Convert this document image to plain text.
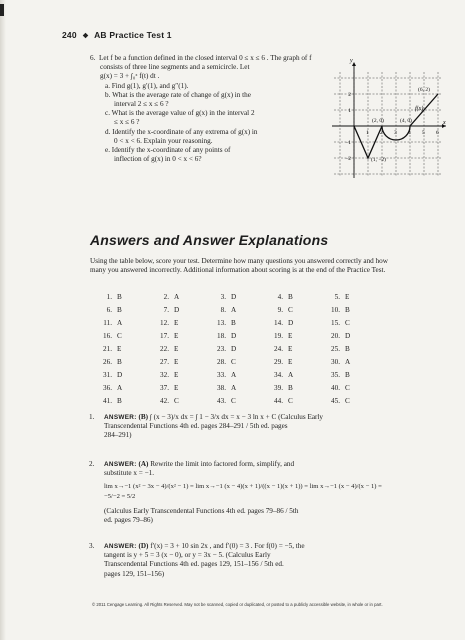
240 ❖ AB Practice Test 1
6. Let f be a function defined in the closed interval 0 ≤ x ≤ 6 . The graph of f consists of three line segments and a semicircle. Let
g(x) = 3 + ∫₀ˣ f(t) dt .
a. Find g(1), g′(1), and g″(1).
b. What is the average rate of change of g(x) in the interval 2 ≤ x ≤ 6 ?
c. What is the average value of g(x) in the interval 2 ≤ x ≤ 6 ?
d. Identify the x-coordinate of any extrema of g(x) in 0 < x < 6. Explain your reasoning.
e. Identify the x-coordinate of any points of inflection of g(x) in 0 < x < 6?
y
x
f(x)
(6, 2)
(2, 0)	(4, 0)
(1, −2)
1 2 3 4 5 6
2
1
−1
−2
Answers and Answer Explanations
Using the table below, score your test. Determine how many questions you answered correctly and how many you answered incorrectly. Additional information about scoring is at the end of the Practice Test.
1.	B	2.	A	3.	D	4.	B	5.	E
6.	B	7.	D	8.	A	9.	C	10.	B
11.	A	12.	E	13.	B	14.	D	15.	C
16.	C	17.	E	18.	D	19.	E	20.	D
21.	E	22.	E	23.	D	24.	E	25.	B
26.	B	27.	E	28.	C	29.	E	30.	A
31.	D	32.	E	33.	A	34.	A	35.	B
36.	A	37.	E	38.	A	39.	B	40.	C
41.	B	42.	C	43.	C	44.	C	45.	C
1. ANSWER: (B) ∫ (x − 3)/x dx = ∫ 1 − 3/x dx = x − 3 ln x + C (Calculus Early
Transcendental Functions 4th ed. pages 284–291 / 5th ed. pages
284–291)
2. ANSWER: (A) Rewrite the limit into factored form, simplify, and
substitute x = −1.
lim x→−1 (x² − 3x − 4)/(x² − 1) = lim x→−1 (x − 4)(x + 1)/((x − 1)(x + 1)) = lim x→−1 (x − 4)/(x − 1) = −5/−2 = 5/2
(Calculus Early Transcendental Functions 4th ed. pages 79–86 / 5th
ed. pages 79–86)
3. ANSWER: (D) f′(x) = 3 + 10 sin 2x , and f′(0) = 3 . For f(0) = −5, the
tangent is y + 5 = 3 (x − 0), or y = 3x − 5. (Calculus Early
Transcendental Functions 4th ed. pages 129, 151–156 / 5th ed.
pages 129, 151–156)
© 2011 Cengage Learning. All Rights Reserved. May not be scanned, copied or duplicated, or posted to a publicly accessible website, in whole or in part.
